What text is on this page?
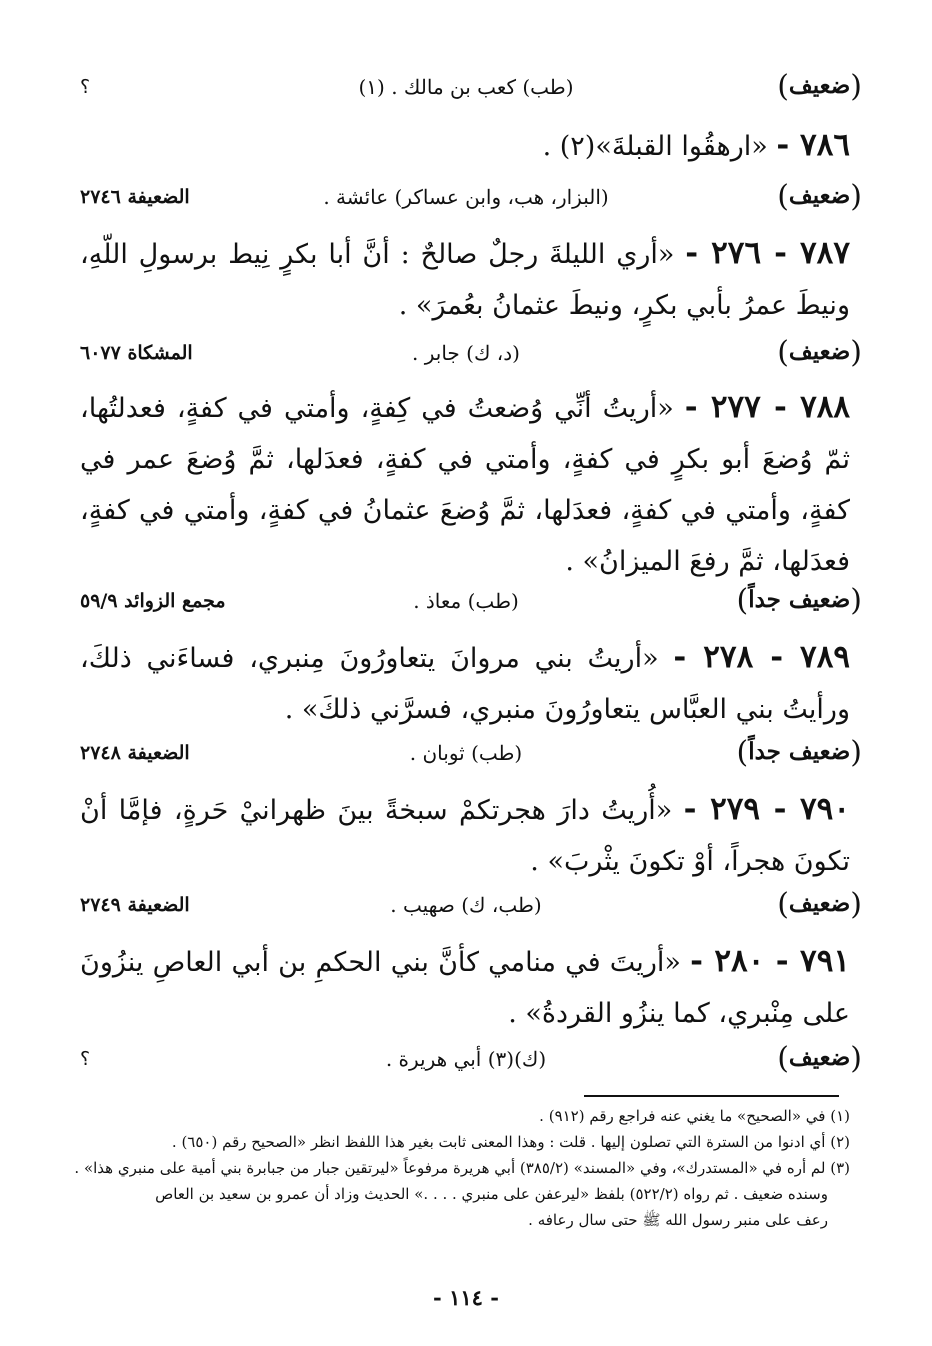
(ضعيف)
(طب) كعب بن مالك . (١)
؟
٧٨٦ - «ارهقُوا القبلةَ»(٢) .
(ضعيف)
(البزار، هب، وابن عساكر) عائشة .
الضعيفة ٢٧٤٦
٧٨٧ - ٢٧٦ - «أري الليلةَ رجلٌ صالحٌ : أنَّ أبا بكرٍ نِيط برسولِ اللّهِ، ونيطَ عمرُ بأبي بكرٍ، ونيطَ عثمانُ بعُمرَ» .
(ضعيف)
(د، ك) جابر .
المشكاة ٦٠٧٧
٧٨٨ - ٢٧٧ - «أريتُ أنِّي وُضعتُ في كِفةٍ، وأمتي في كفةٍ، فعدلتُها، ثمّ وُضعَ أبو بكرٍ في كفةٍ، وأمتي في كفةٍ، فعدَلها، ثمَّ وُضعَ عمر في كفةٍ، وأمتي في كفةٍ، فعدَلها، ثمَّ وُضعَ عثمانُ في كفةٍ، وأمتي في كفةٍ، فعدَلها، ثمَّ رفعَ الميزانُ» .
(ضعيف جداً)
(طب) معاذ .
مجمع الزوائد ٥٩/٩
٧٨٩ - ٢٧٨ - «أريتُ بني مروانَ يتعاورُونَ مِنبري، فساءَني ذلكَ، ورأيتُ بني العبَّاس يتعاورُونَ منبري، فسرَّني ذلكَ» .
(ضعيف جداً)
(طب) ثوبان .
الضعيفة ٢٧٤٨
٧٩٠ - ٢٧٩ - «أُريتُ دارَ هجرتكمْ سبخةً بينَ ظهرانيْ حَرةٍ، فإمَّا أنْ تكونَ هجراً، أوْ تكونَ يثْربَ» .
(ضعيف)
(طب، ك) صهيب .
الضعيفة ٢٧٤٩
٧٩١ - ٢٨٠ - «أريتَ في منامي كأنَّ بني الحكمِ بن أبي العاصِ ينزُونَ على مِنْبري، كما ينزُو القردةُ» .
(ضعيف)
(ك)(٣) أبي هريرة .
؟

(١) في «الصحيح» ما يغني عنه فراجع رقم (٩١٢) .

(٢) أي ادنوا من السترة التي تصلون إليها . قلت : وهذا المعنى ثابت بغير هذا اللفظ انظر «الصحيح رقم (٦٥٠) .

(٣) لم أره في «المستدرك»، وفي «المسند» (٣٨٥/٢) أبي هريرة مرفوعاً «ليرتقين جبار من جبابرة بني أمية على منبري هذا» .

وسنده ضعيف . ثم رواه (٥٢٢/٢) بلفظ «ليرعفن على منبري . . . .» الحديث وزاد أن عمرو بن سعيد بن العاص

رعف على منبر رسول الله ﷺ حتى سال رعافه .

- ١١٤ -
